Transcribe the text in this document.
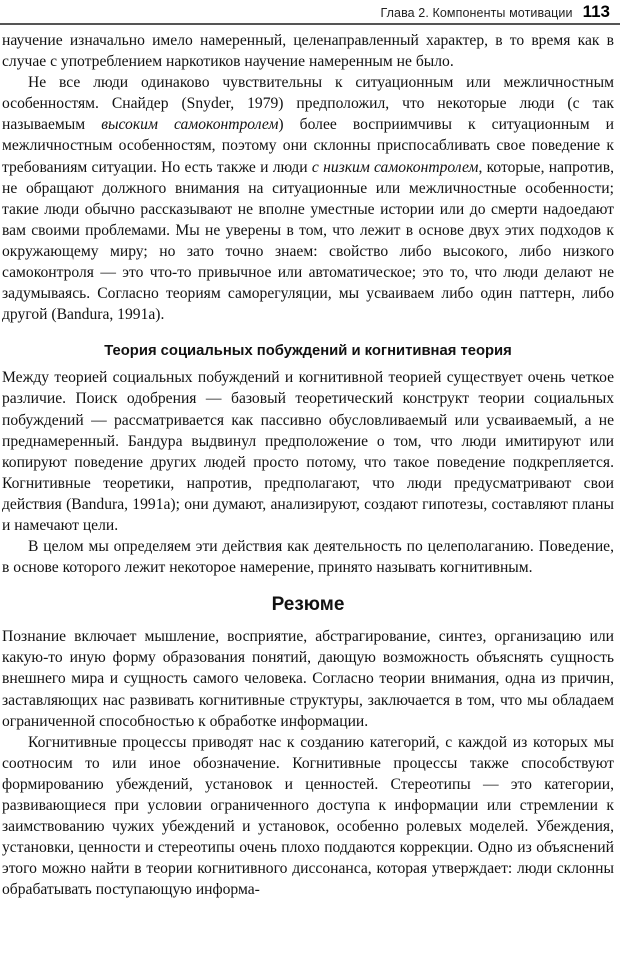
Глава 2. Компоненты мотивации 113

научение изначально имело намеренный, целенаправленный характер, в то время как в случае с употреблением наркотиков научение намеренным не было.

Не все люди одинаково чувствительны к ситуационным или межличностным особенностям. Снайдер (Snyder, 1979) предположил, что некоторые люди (с так называемым высоким самоконтролем) более восприимчивы к ситуационным и межличностным особенностям, поэтому они склонны приспосабливать свое поведение к требованиям ситуации. Но есть также и люди с низким самоконтролем, которые, напротив, не обращают должного внимания на ситуационные или межличностные особенности; такие люди обычно рассказывают не вполне уместные истории или до смерти надоедают вам своими проблемами. Мы не уверены в том, что лежит в основе двух этих подходов к окружающему миру; но зато точно знаем: свойство либо высокого, либо низкого самоконтроля — это что-то привычное или автоматическое; это то, что люди делают не задумываясь. Согласно теориям саморегуляции, мы усваиваем либо один паттерн, либо другой (Bandura, 1991a).

Теория социальных побуждений и когнитивная теория

Между теорией социальных побуждений и когнитивной теорией существует очень четкое различие. Поиск одобрения — базовый теоретический конструкт теории социальных побуждений — рассматривается как пассивно обусловливаемый или усваиваемый, а не преднамеренный. Бандура выдвинул предположение о том, что люди имитируют или копируют поведение других людей просто потому, что такое поведение подкрепляется. Когнитивные теоретики, напротив, предполагают, что люди предусматривают свои действия (Bandura, 1991a); они думают, анализируют, создают гипотезы, составляют планы и намечают цели.

В целом мы определяем эти действия как деятельность по целеполаганию. Поведение, в основе которого лежит некоторое намерение, принято называть когнитивным.

Резюме

Познание включает мышление, восприятие, абстрагирование, синтез, организацию или какую-то иную форму образования понятий, дающую возможность объяснять сущность внешнего мира и сущность самого человека. Согласно теории внимания, одна из причин, заставляющих нас развивать когнитивные структуры, заключается в том, что мы обладаем ограниченной способностью к обработке информации.

Когнитивные процессы приводят нас к созданию категорий, с каждой из которых мы соотносим то или иное обозначение. Когнитивные процессы также способствуют формированию убеждений, установок и ценностей. Стереотипы — это категории, развивающиеся при условии ограниченного доступа к информации или стремлении к заимствованию чужих убеждений и установок, особенно ролевых моделей. Убеждения, установки, ценности и стереотипы очень плохо поддаются коррекции. Одно из объяснений этого можно найти в теории когнитивного диссонанса, которая утверждает: люди склонны обрабатывать поступающую информа-
